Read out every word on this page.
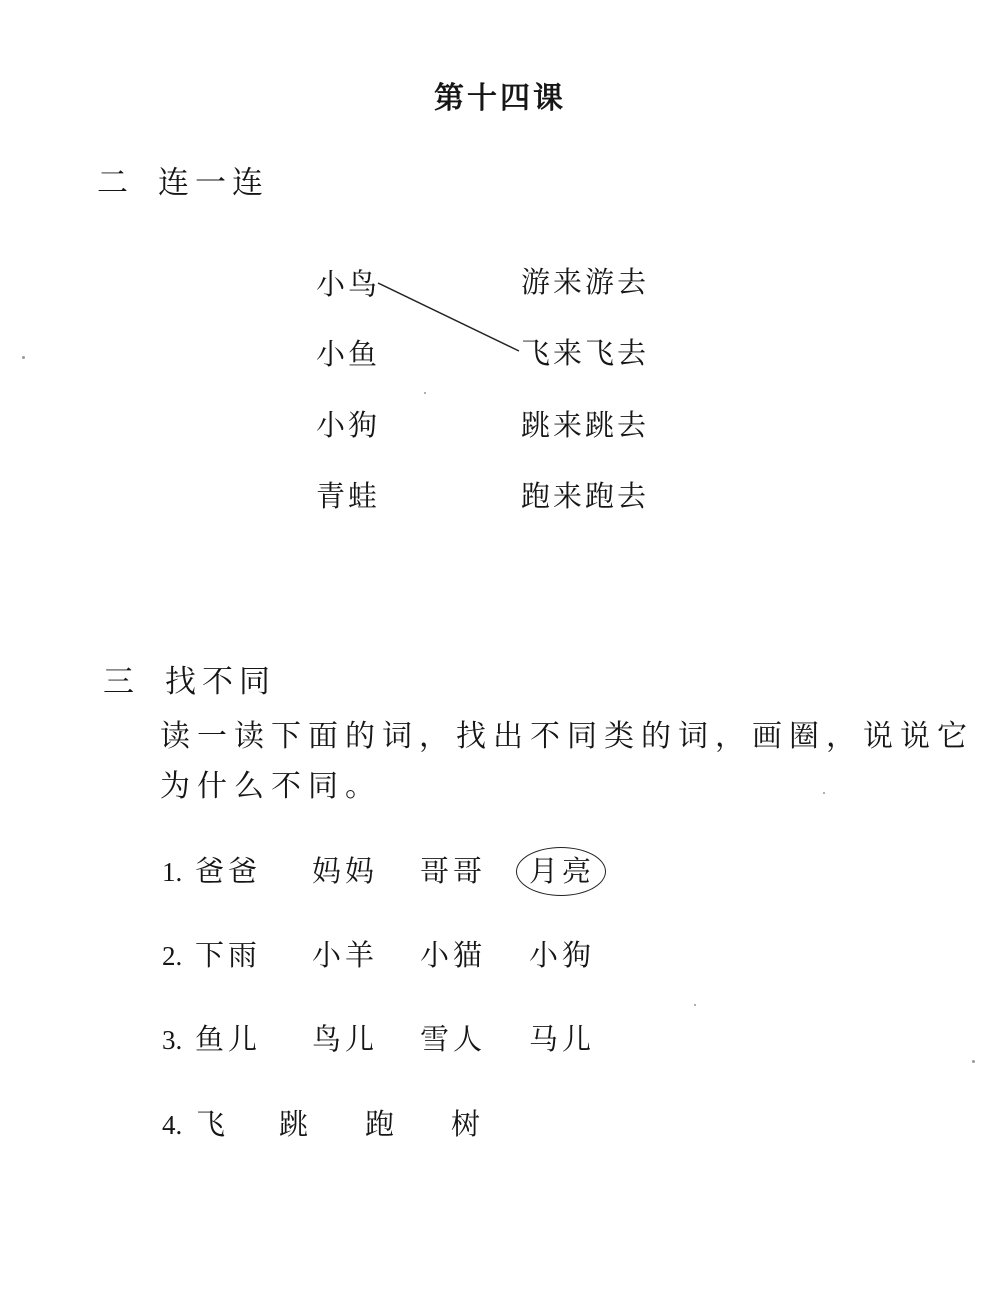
第十四课
二 连一连
小鸟
小鱼
小狗
青蛙
游来游去
飞来飞去
跳来跳去
跑来跑去
三 找不同
读一读下面的词，找出不同类的词，画圈，说说它
为什么不同。
1. 爸爸 妈妈 哥哥	月亮
2. 下雨 小羊 小猫 小狗
3. 鱼儿 鸟儿 雪人 马儿
4. 飞 跳 跑 树
